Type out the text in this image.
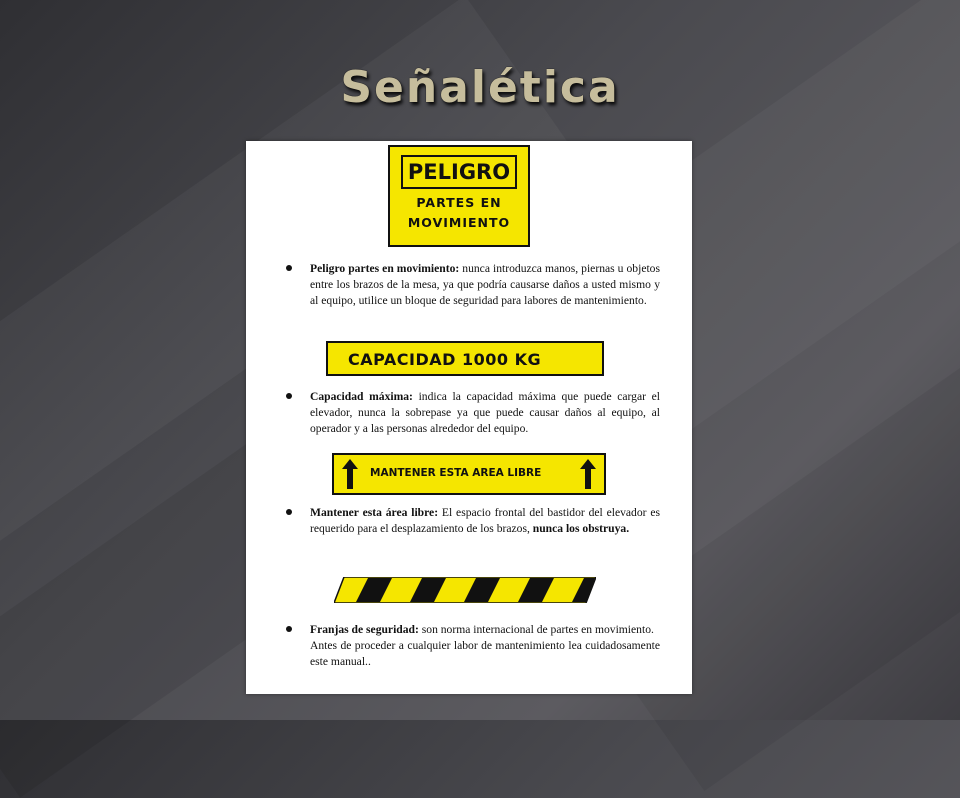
Señalética
PELIGRO
PARTES EN
MOVIMIENTO
Peligro partes en movimiento: nunca introduzca manos, piernas u objetos entre los brazos de la mesa, ya que podría causarse daños a usted mismo y al equipo, utilice un bloque de seguridad para labores de mantenimiento.
CAPACIDAD 1000 KG
Capacidad máxima: indica la capacidad máxima que puede cargar el elevador, nunca la sobrepase ya que puede causar daños al equipo, al operador y a las personas alrededor del equipo.
MANTENER ESTA AREA LIBRE
Mantener esta área libre: El espacio frontal del bastidor del elevador es requerido para el desplazamiento de los brazos, nunca los obstruya.
Franjas de seguridad: son norma internacional de partes en movimiento.
Antes de proceder a cualquier labor de mantenimiento lea cuidadosamente este manual..
